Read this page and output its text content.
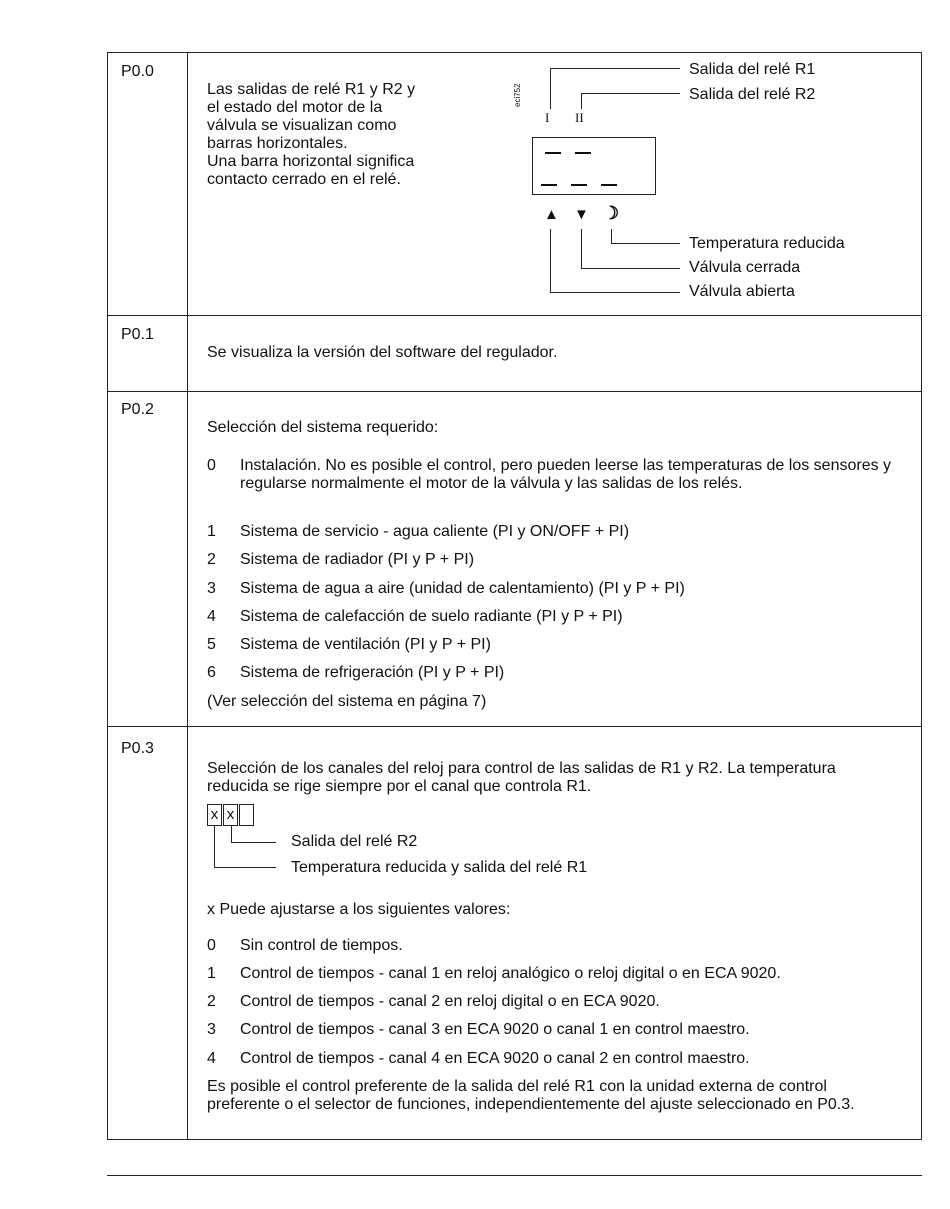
P0.0
Las salidas de relé R1 y R2 y
el estado del motor de la
válvula se visualizan como
barras horizontales.
Una barra horizontal significa
contacto cerrado en el relé.
eci752
Salida del relé R1
Salida del relé R2
I II
▲ ▼ ☽
Temperatura reducida
Válvula cerrada
Válvula abierta
P0.1
Se visualiza la versión del software del regulador.
P0.2
Selección del sistema requerido:
0 Instalación. No es posible el control, pero pueden leerse las temperaturas de los sensores y regularse normalmente el motor de la válvula y las salidas de los relés.
1 Sistema de servicio - agua caliente (PI y ON/OFF + PI)
2 Sistema de radiador (PI y P + PI)
3 Sistema de agua a aire (unidad de calentamiento) (PI y P + PI)
4 Sistema de calefacción de suelo radiante (PI y P + PI)
5 Sistema de ventilación (PI y P + PI)
6 Sistema de refrigeración (PI y P + PI)
(Ver selección del sistema en página 7)
P0.3
Selección de los canales del reloj para control de las salidas de R1 y R2. La temperatura reducida se rige siempre por el canal que controla R1.
x x
Salida del relé R2
Temperatura reducida y salida del relé R1
x Puede ajustarse a los siguientes valores:
0 Sin control de tiempos.
1 Control de tiempos - canal 1 en reloj analógico o reloj digital o en ECA 9020.
2 Control de tiempos - canal 2 en reloj digital o en ECA 9020.
3 Control de tiempos - canal 3 en ECA 9020 o canal 1 en control maestro.
4 Control de tiempos - canal 4 en ECA 9020 o canal 2 en control maestro.
Es posible el control preferente de la salida del relé R1 con la unidad externa de control preferente o el selector de funciones, independientemente del ajuste seleccionado en P0.3.
